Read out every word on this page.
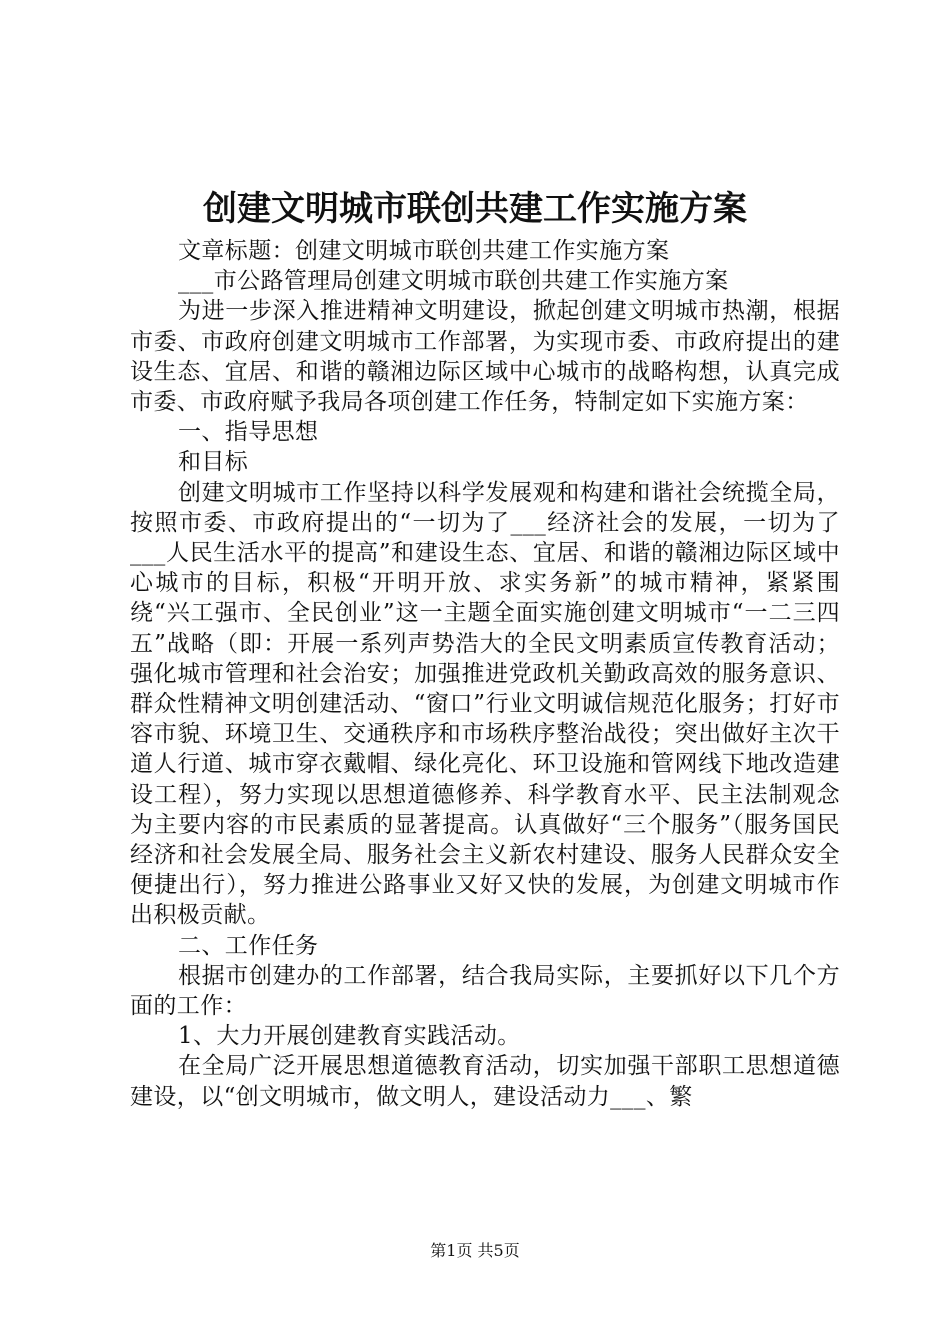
创建文明城市联创共建工作实施方案

文章标题：创建文明城市联创共建工作实施方案

___市公路管理局创建文明城市联创共建工作实施方案

为进一步深入推进精神文明建设，掀起创建文明城市热潮，根据市委、市政府创建文明城市工作部署，为实现市委、市政府提出的建设生态、宜居、和谐的赣湘边际区域中心城市的战略构想，认真完成市委、市政府赋予我局各项创建工作任务，特制定如下实施方案：

一、指导思想

和目标

创建文明城市工作坚持以科学发展观和构建和谐社会统揽全局，按照市委、市政府提出的“一切为了___经济社会的发展，一切为了___人民生活水平的提高”和建设生态、宜居、和谐的赣湘边际区域中心城市的目标，积极“开明开放、求实务新”的城市精神，紧紧围绕“兴工强市、全民创业”这一主题全面实施创建文明城市“一二三四五”战略（即：开展一系列声势浩大的全民文明素质宣传教育活动；强化城市管理和社会治安；加强推进党政机关勤政高效的服务意识、群众性精神文明创建活动、“窗口”行业文明诚信规范化服务；打好市容市貌、环境卫生、交通秩序和市场秩序整治战役；突出做好主次干道人行道、城市穿衣戴帽、绿化亮化、环卫设施和管网线下地改造建设工程），努力实现以思想道德修养、科学教育水平、民主法制观念为主要内容的市民素质的显著提高。认真做好“三个服务”（服务国民经济和社会发展全局、服务社会主义新农村建设、服务人民群众安全便捷出行），努力推进公路事业又好又快的发展，为创建文明城市作出积极贡献。

二、工作任务

根据市创建办的工作部署，结合我局实际，主要抓好以下几个方面的工作：

1、大力开展创建教育实践活动。

在全局广泛开展思想道德教育活动，切实加强干部职工思想道德建设，以“创文明城市，做文明人，建设活动力___、繁

第1页 共5页
